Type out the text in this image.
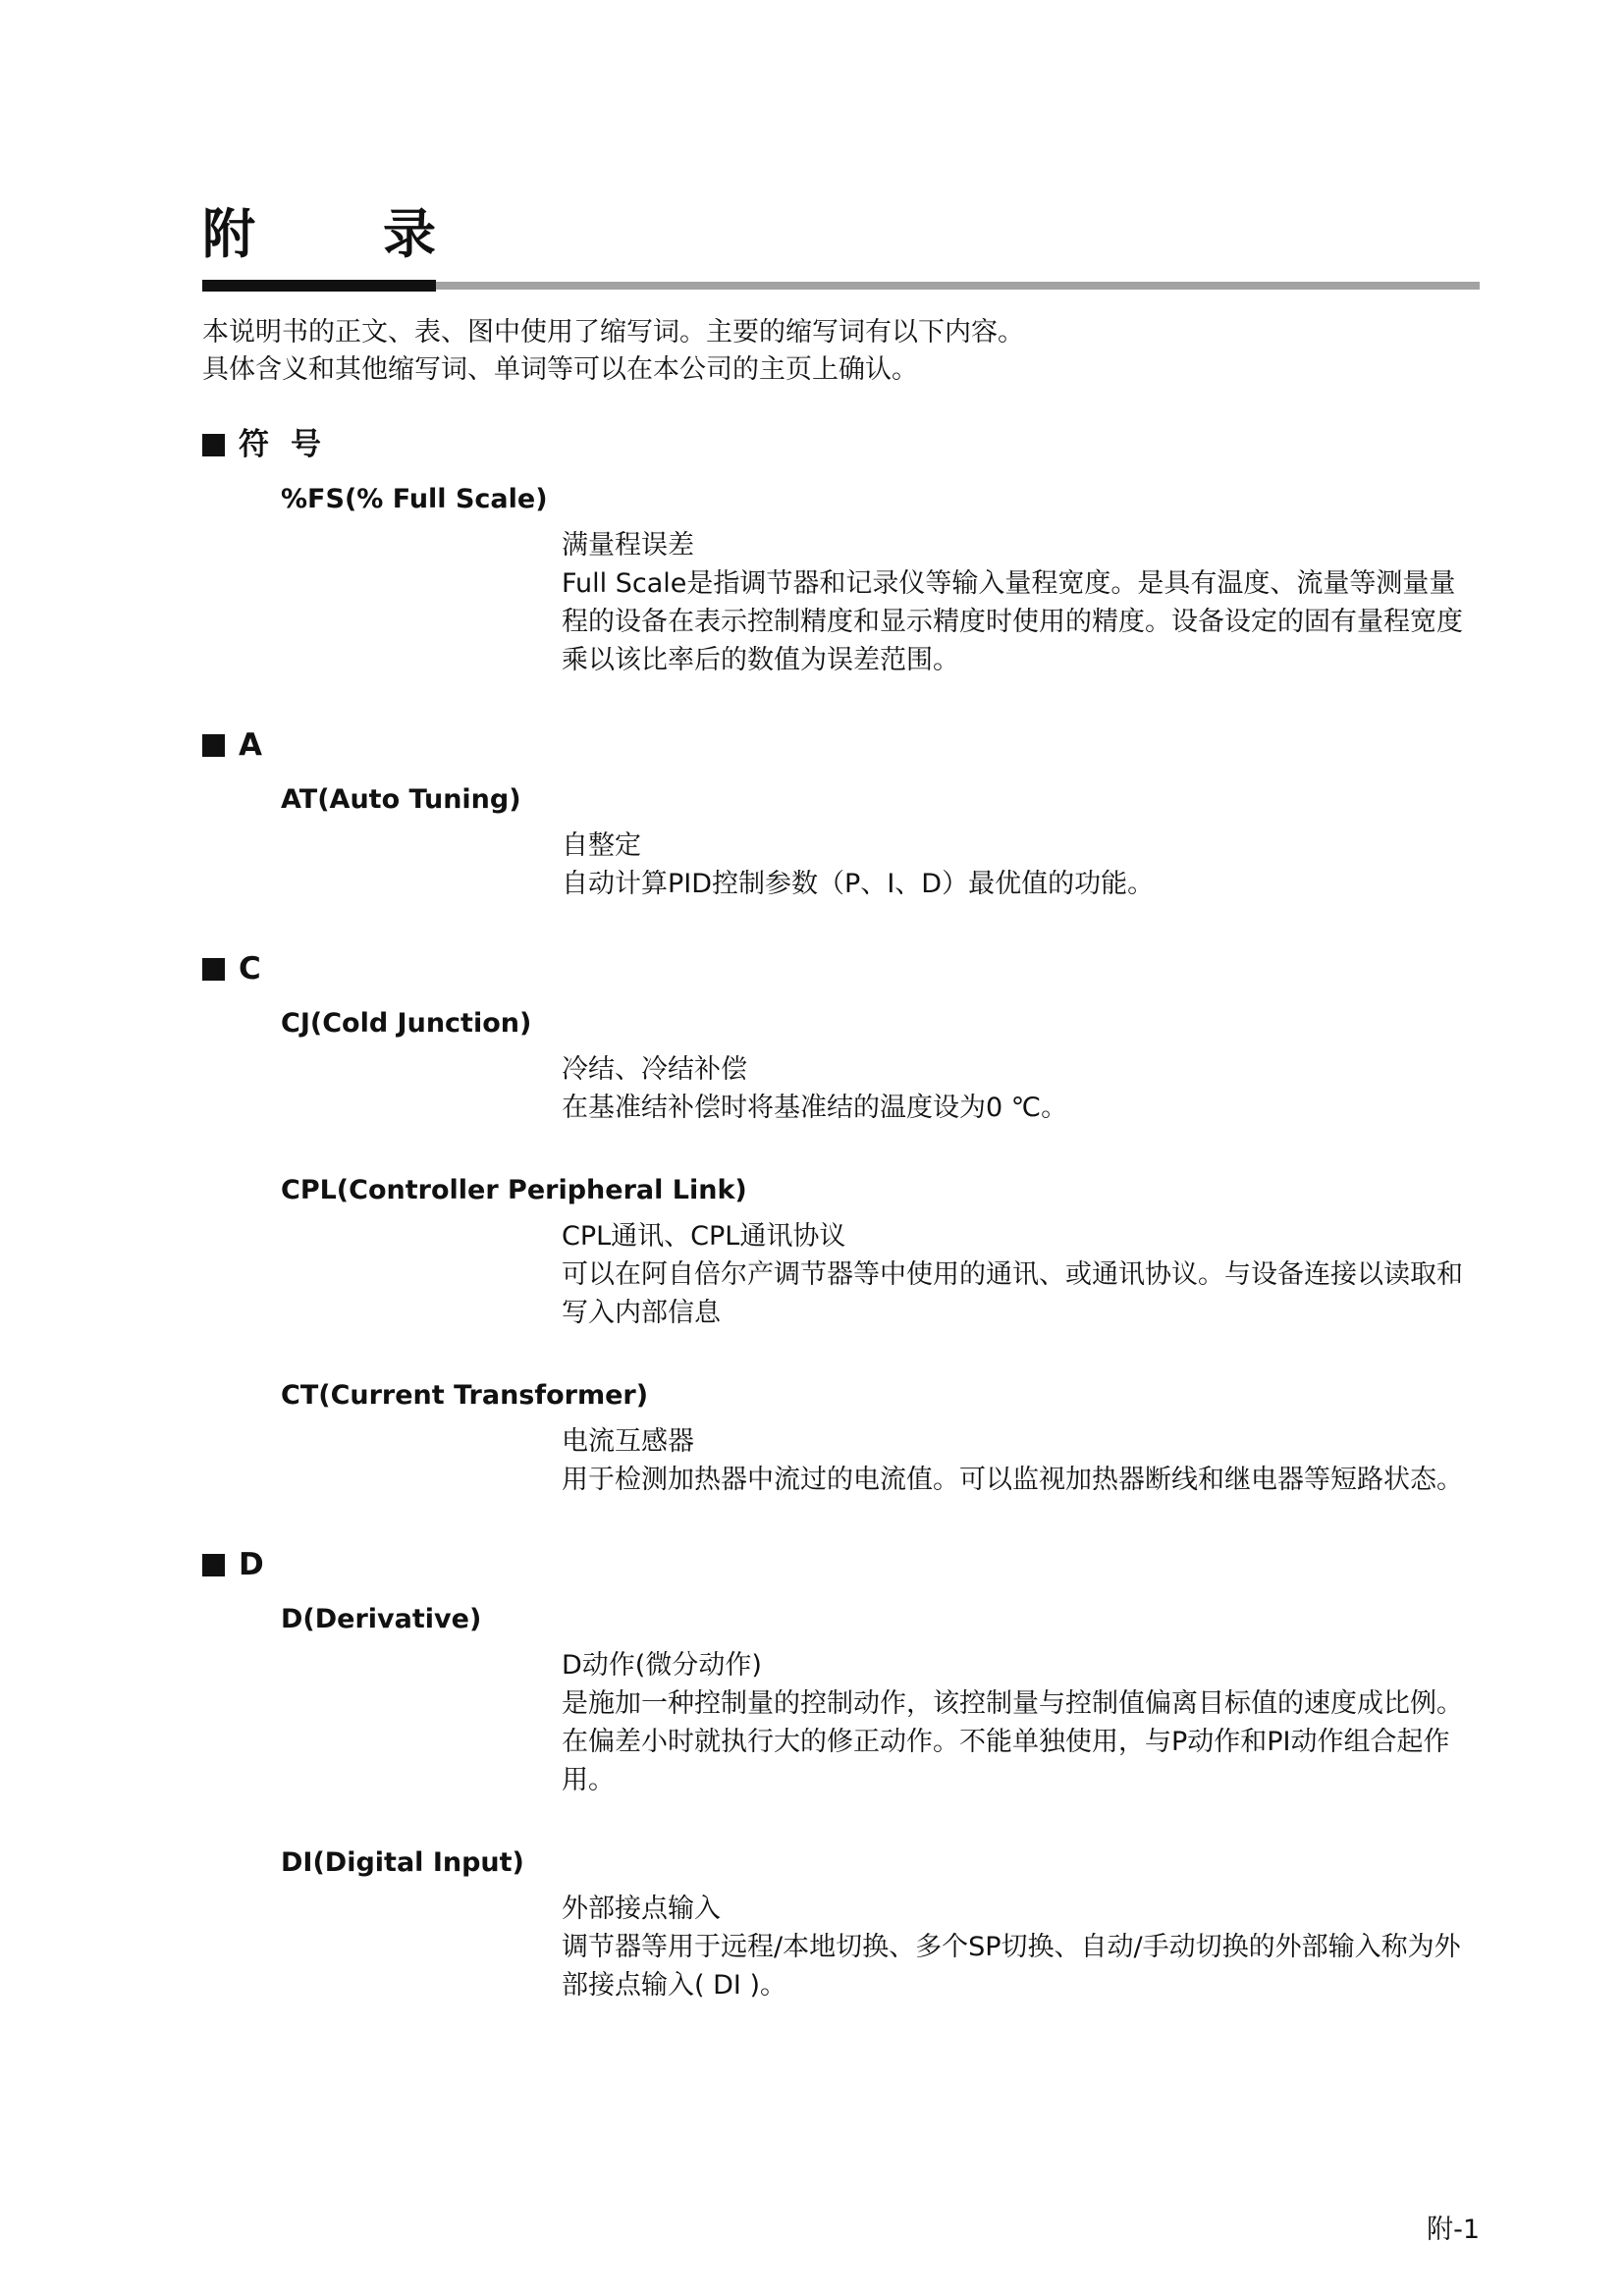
附　录

本说明书的正文、表、图中使用了缩写词。主要的缩写词有以下内容。

具体含义和其他缩写词、单词等可以在本公司的主页上确认。

符号
%FS(% Full Scale)

满量程误差

Full Scale是指调节器和记录仪等输入量程宽度。是具有温度、流量等测量量程的设备在表示控制精度和显示精度时使用的精度。设备设定的固有量程宽度乘以该比率后的数值为误差范围。

A
AT(Auto Tuning)

自整定

自动计算PID控制参数（P、I、D）最优值的功能。

C
CJ(Cold Junction)

冷结、冷结补偿

在基准结补偿时将基准结的温度设为0 ℃。

CPL(Controller Peripheral Link)

CPL通讯、CPL通讯协议

可以在阿自倍尔产调节器等中使用的通讯、或通讯协议。与设备连接以读取和写入内部信息

CT(Current Transformer)

电流互感器

用于检测加热器中流过的电流值。可以监视加热器断线和继电器等短路状态。

D
D(Derivative)

D动作(微分动作)

是施加一种控制量的控制动作，该控制量与控制值偏离目标值的速度成比例。在偏差小时就执行大的修正动作。不能单独使用，与P动作和PI动作组合起作用。

DI(Digital Input)

外部接点输入

调节器等用于远程/本地切换、多个SP切换、自动/手动切换的外部输入称为外部接点输入( DI )。

附-1
